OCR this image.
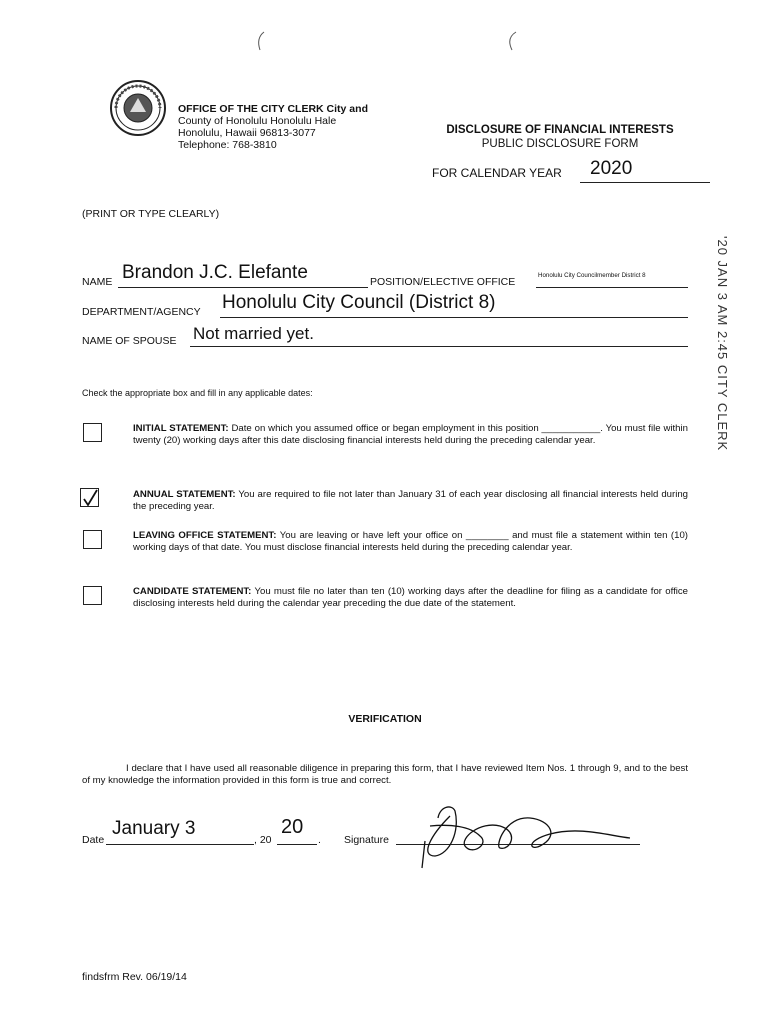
OFFICE OF THE CITY CLERK City and
County of Honolulu Honolulu Hale
Honolulu, Hawaii 96813-3077
Telephone: 768-3810
DISCLOSURE OF FINANCIAL INTERESTS
PUBLIC DISCLOSURE FORM
FOR CALENDAR YEAR 2020
(PRINT OR TYPE CLEARLY)
'20 JAN 3 AM 2:45 CITY CLERK
NAME Brandon J.C. Elefante	POSITION/ELECTIVE OFFICE
Honolulu City Councilmember District 8
DEPARTMENT/AGENCY Honolulu City Council (District 8)
NAME OF SPOUSE Not married yet.
Check the appropriate box and fill in any applicable dates:
INITIAL STATEMENT: Date on which you assumed office or began employment in this position ___________. You must file within twenty (20) working days after this date disclosing financial interests held during the preceding calendar year.
ANNUAL STATEMENT: You are required to file not later than January 31 of each year disclosing all financial interests held during the preceding year.
LEAVING OFFICE STATEMENT: You are leaving or have left your office on ________ and must file a statement within ten (10) working days of that date. You must disclose financial interests held during the preceding calendar year.
CANDIDATE STATEMENT: You must file no later than ten (10) working days after the deadline for filing as a candidate for office disclosing interests held during the calendar year preceding the due date of the statement.
VERIFICATION
I declare that I have used all reasonable diligence in preparing this form, that I have reviewed Item Nos. 1 through 9, and to the best of my knowledge the information provided in this form is true and correct.
Date
January 3
, 20
20
. Signature
findsfrm Rev. 06/19/14
